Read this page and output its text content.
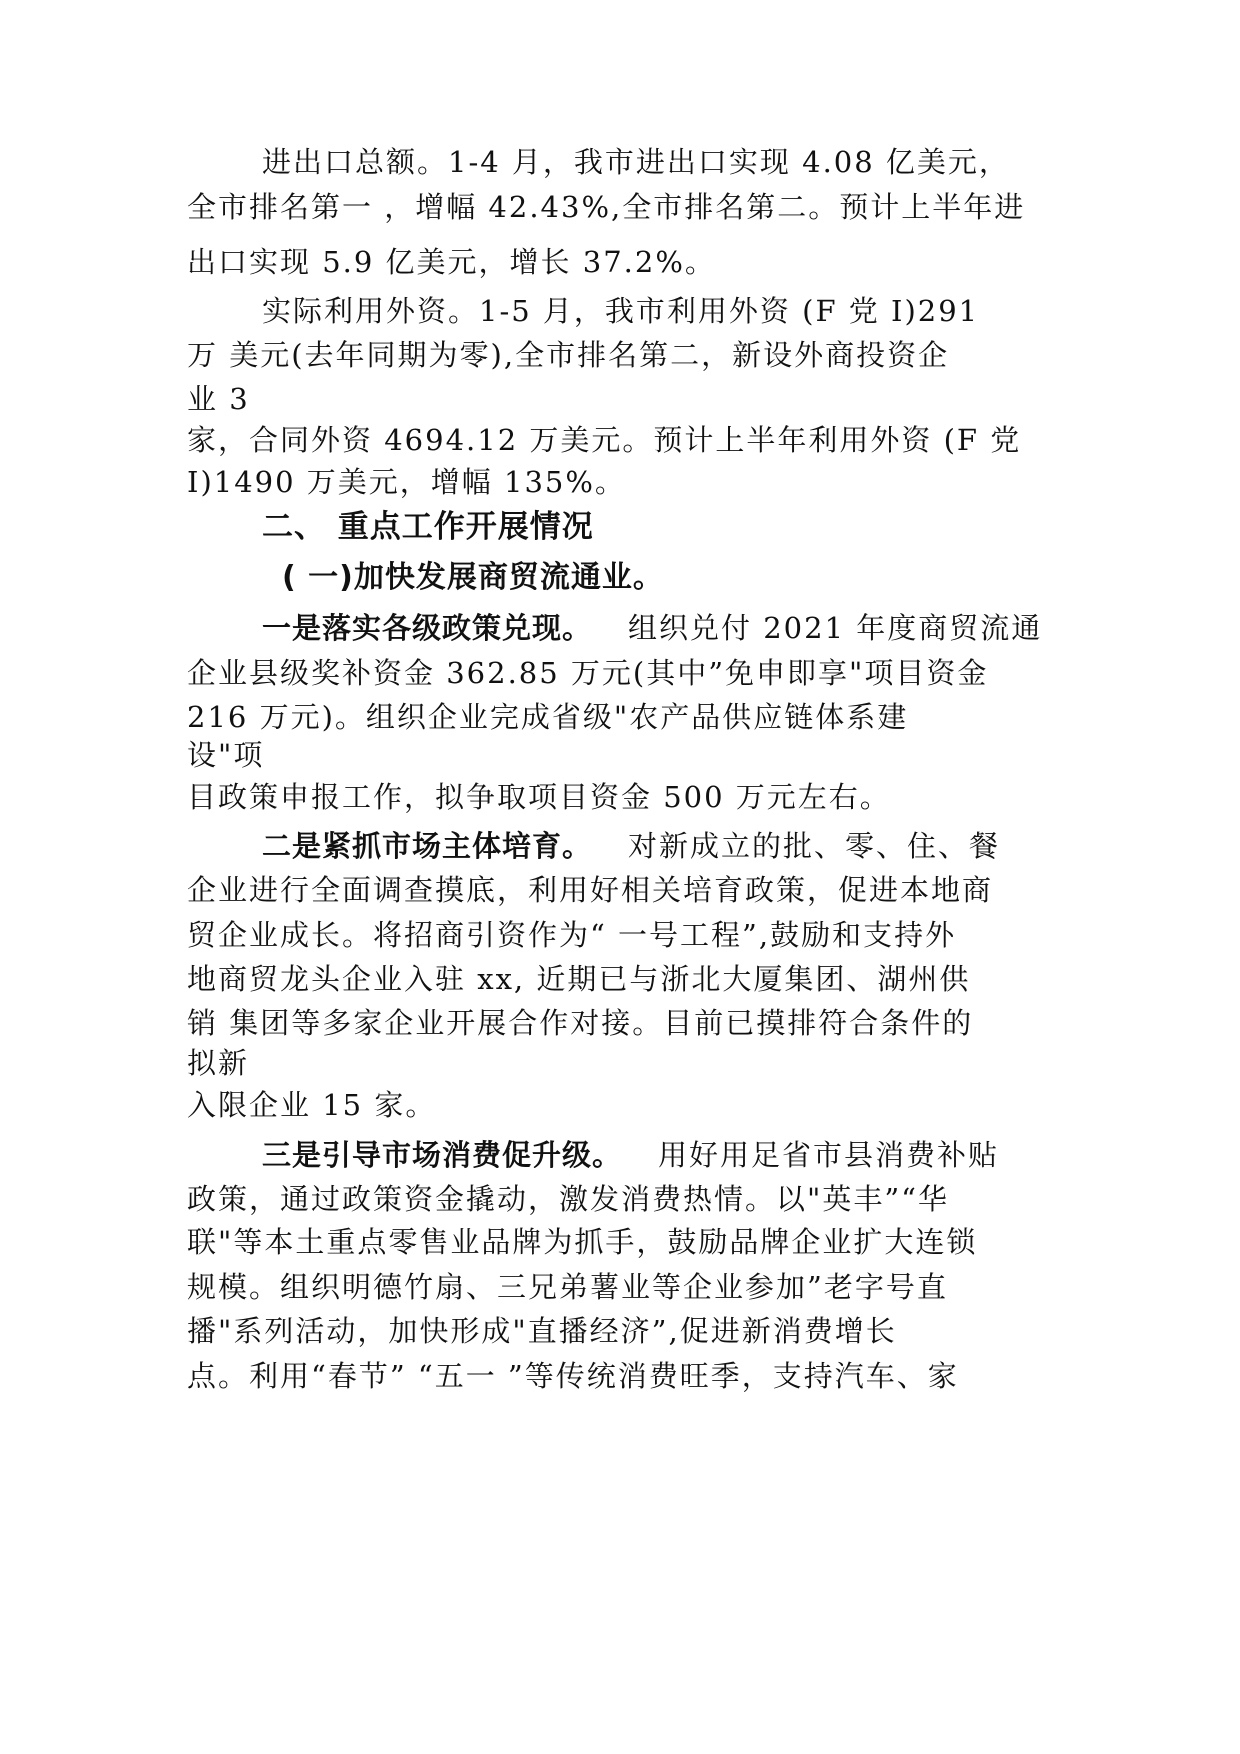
进出口总额。1-4 月，我市进出口实现 4.08 亿美元，
全市排名第一 ，增幅 42.43%,全市排名第二。预计上半年进
出口实现 5.9 亿美元，增长 37.2%。
实际利用外资。1-5 月，我市利用外资 (F 党 I)291
万 美元(去年同期为零),全市排名第二，新设外商投资企
业 3
家，合同外资 4694.12 万美元。预计上半年利用外资 (F 党
I)1490 万美元，增幅 135%。
二、 重点工作开展情况
( 一)加快发展商贸流通业。
一是落实各级政策兑现。 组织兑付 2021 年度商贸流通
企业县级奖补资金 362.85 万元(其中”免申即享"项目资金
216 万元)。组织企业完成省级"农产品供应链体系建
设"项
目政策申报工作，拟争取项目资金 500 万元左右。
二是紧抓市场主体培育。 对新成立的批、零、住、餐
企业进行全面调查摸底，利用好相关培育政策，促进本地商
贸企业成长。将招商引资作为“ 一号工程”,鼓励和支持外
地商贸龙头企业入驻 xx, 近期已与浙北大厦集团、湖州供
销 集团等多家企业开展合作对接。目前已摸排符合条件的
拟新
入限企业 15 家。
三是引导市场消费促升级。 用好用足省市县消费补贴
政策，通过政策资金撬动，激发消费热情。以"英丰”“华
联"等本土重点零售业品牌为抓手，鼓励品牌企业扩大连锁
规模。组织明德竹扇、三兄弟薯业等企业参加”老字号直
播"系列活动，加快形成"直播经济”,促进新消费增长
点。利用“春节” “五一 ”等传统消费旺季，支持汽车、家
